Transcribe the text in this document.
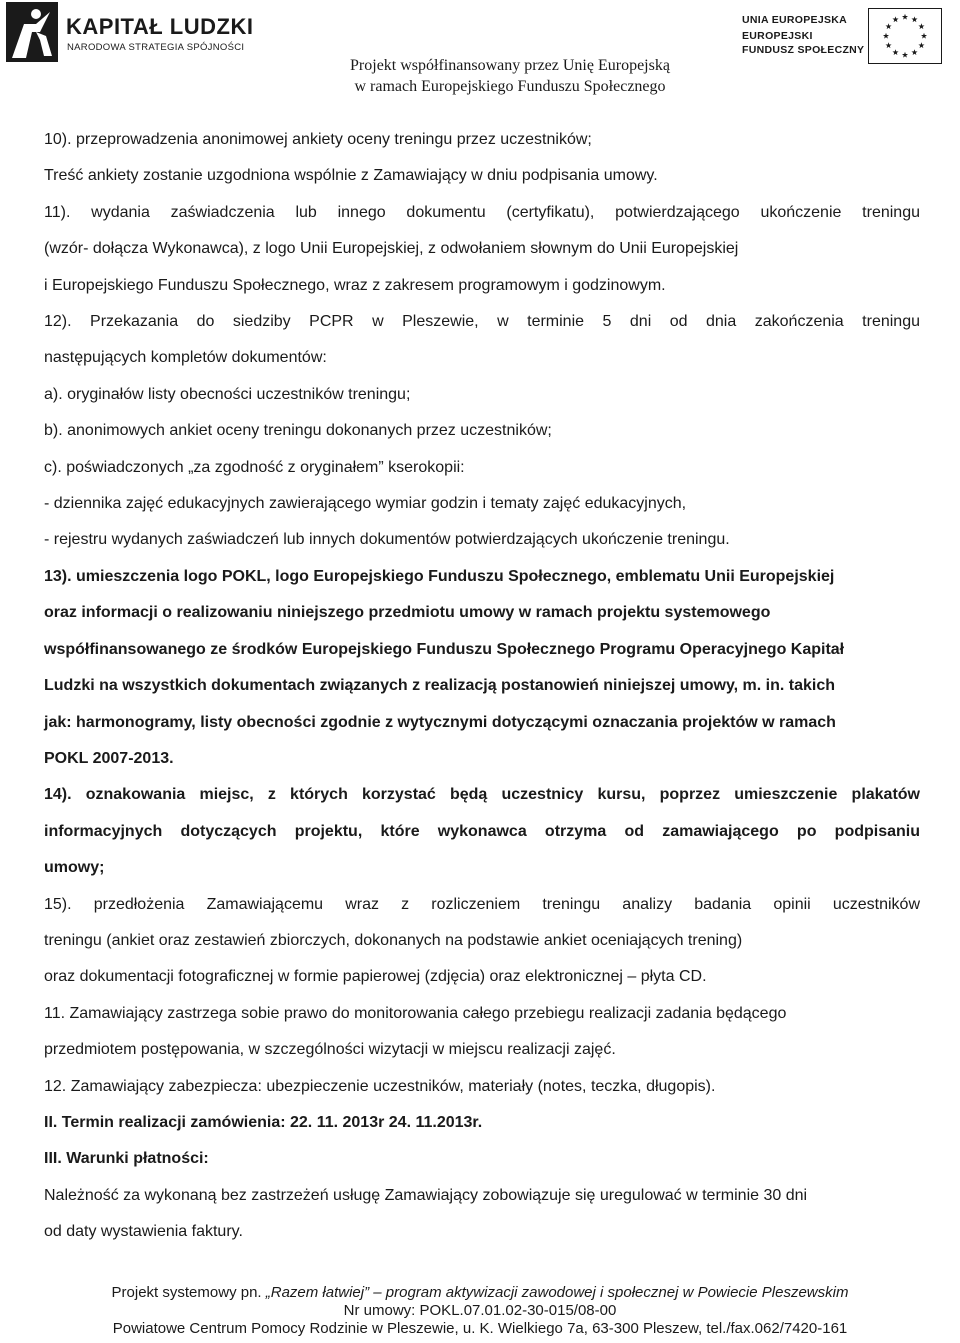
KAPITAŁ LUDZKI
NARODOWA STRATEGIA SPÓJNOŚCI
UNIA EUROPEJSKA
EUROPEJSKI
FUNDUSZ SPOŁECZNY
Projekt współfinansowany przez Unię Europejską
w ramach Europejskiego Funduszu Społecznego

10). przeprowadzenia anonimowej ankiety oceny treningu przez uczestników;

Treść ankiety zostanie uzgodniona wspólnie z Zamawiający w dniu podpisania umowy.

11). wydania zaświadczenia lub innego dokumentu (certyfikatu), potwierdzającego ukończenie treningu

(wzór- dołącza Wykonawca), z logo Unii Europejskiej, z odwołaniem słownym do Unii Europejskiej

i Europejskiego Funduszu Społecznego, wraz z zakresem programowym i godzinowym.

12). Przekazania do siedziby PCPR w Pleszewie, w terminie 5 dni od dnia zakończenia treningu

następujących kompletów dokumentów:

a). oryginałów listy obecności uczestników treningu;

b). anonimowych ankiet oceny treningu dokonanych przez uczestników;

c). poświadczonych „za zgodność z oryginałem” kserokopii:

- dziennika zajęć edukacyjnych zawierającego wymiar godzin i tematy zajęć edukacyjnych,

- rejestru wydanych zaświadczeń lub innych dokumentów potwierdzających ukończenie treningu.

13). umieszczenia logo POKL, logo Europejskiego Funduszu Społecznego, emblematu Unii Europejskiej

oraz informacji o realizowaniu niniejszego przedmiotu umowy w ramach projektu systemowego

współfinansowanego ze środków Europejskiego Funduszu Społecznego Programu Operacyjnego Kapitał

Ludzki na wszystkich dokumentach związanych z realizacją postanowień niniejszej umowy, m. in. takich

jak: harmonogramy, listy obecności zgodnie z wytycznymi dotyczącymi oznaczania projektów w ramach

POKL 2007-2013.

14). oznakowania miejsc, z których korzystać będą uczestnicy kursu, poprzez umieszczenie plakatów

informacyjnych dotyczących projektu, które wykonawca otrzyma od zamawiającego po podpisaniu

umowy;

15). przedłożenia Zamawiającemu wraz z rozliczeniem treningu analizy badania opinii uczestników

treningu (ankiet oraz zestawień zbiorczych, dokonanych na podstawie ankiet oceniających trening)

oraz dokumentacji fotograficznej w formie papierowej (zdjęcia) oraz elektronicznej – płyta CD.

11. Zamawiający zastrzega sobie prawo do monitorowania całego przebiegu realizacji zadania będącego

przedmiotem postępowania, w szczególności wizytacji w miejscu realizacji zajęć.

12. Zamawiający zabezpiecza: ubezpieczenie uczestników, materiały (notes, teczka, długopis).

II. Termin realizacji zamówienia: 22. 11. 2013r 24. 11.2013r.

III. Warunki płatności:

Należność za wykonaną bez zastrzeżeń usługę Zamawiający zobowiązuje się uregulować w terminie 30 dni

od daty wystawienia faktury.

Projekt systemowy pn. „Razem łatwiej” – program aktywizacji zawodowej i społecznej w Powiecie Pleszewskim
Nr umowy: POKL.07.01.02-30-015/08-00
Powiatowe Centrum Pomocy Rodzinie w Pleszewie, u. K. Wielkiego 7a, 63-300 Pleszew, tel./fax.062/7420-161
